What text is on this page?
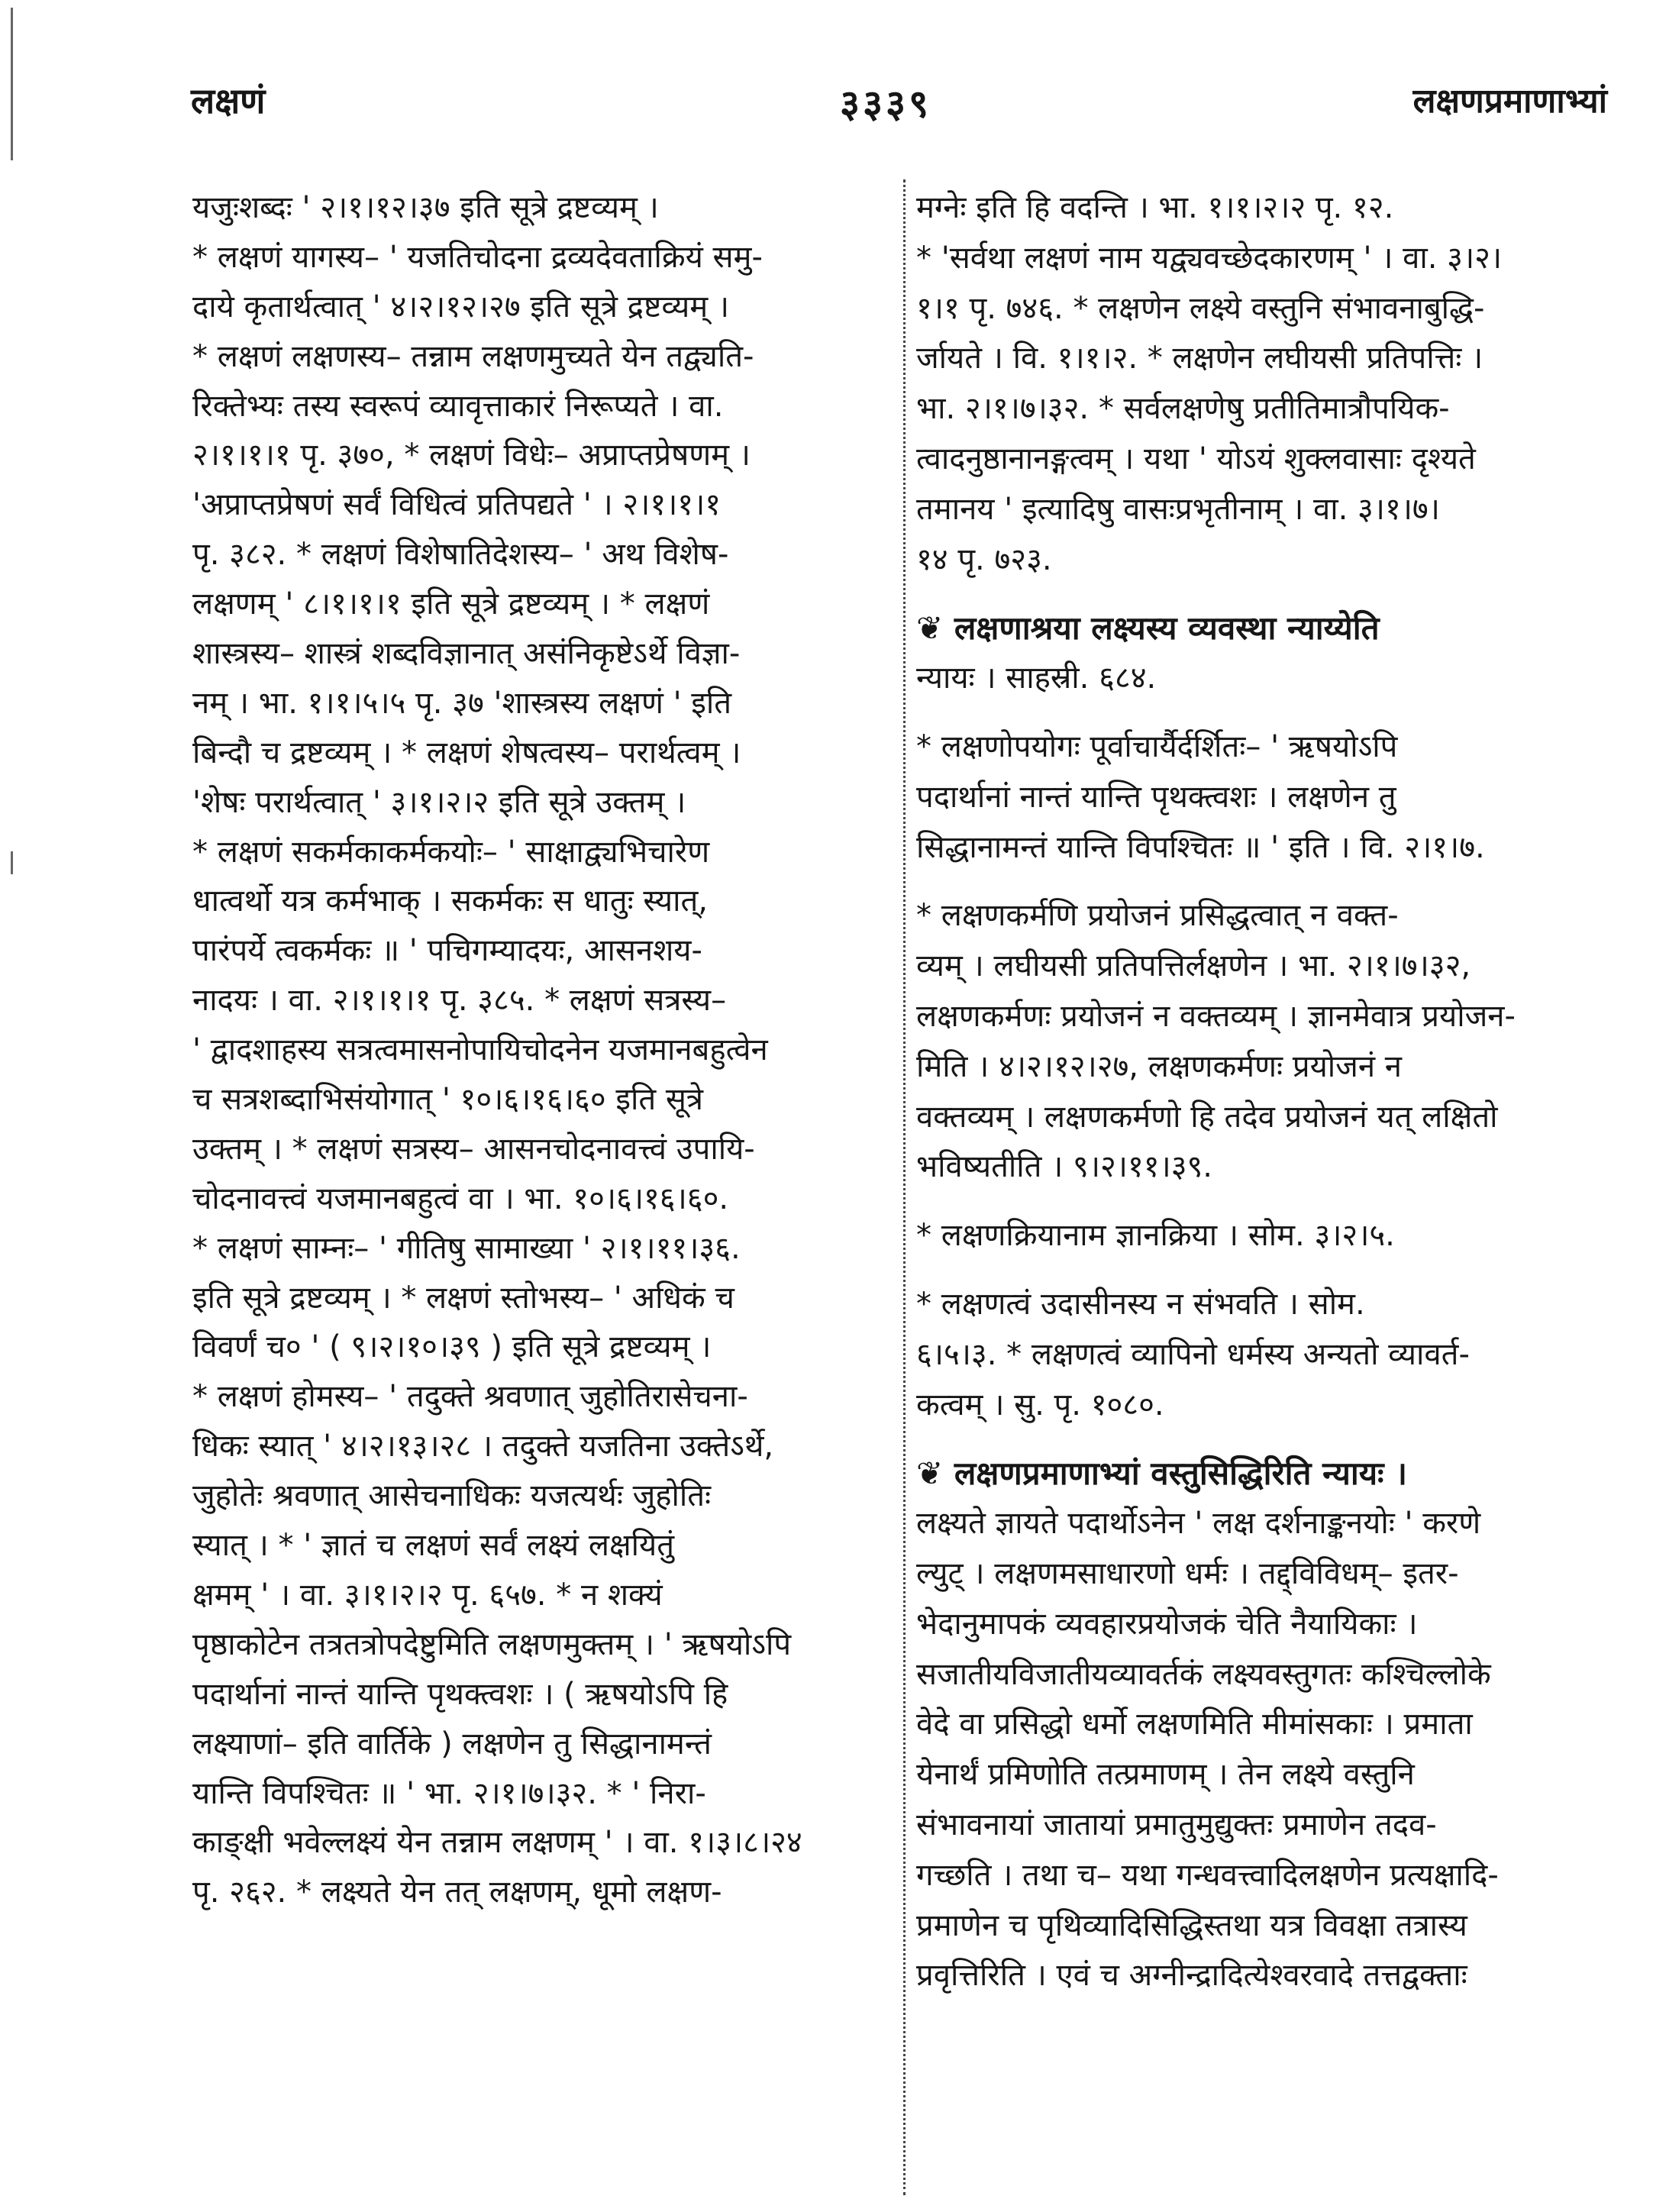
लक्षणं	३३३९	लक्षणप्रमाणाभ्यां
यजुःशब्दः ' २।१।१२।३७ इति सूत्रे द्रष्टव्यम् ।
* लक्षणं यागस्य– ' यजतिचोदना द्रव्यदेवताक्रियं समु-
दाये कृतार्थत्वात् ' ४।२।१२।२७ इति सूत्रे द्रष्टव्यम् ।
* लक्षणं लक्षणस्य– तन्नाम लक्षणमुच्यते येन तद्व्यति-
रिक्तेभ्यः तस्य स्वरूपं व्यावृत्ताकारं निरूप्यते । वा.
२।१।१।१ पृ. ३७०, * लक्षणं विधेः– अप्राप्तप्रेषणम् ।
'अप्राप्तप्रेषणं सर्वं विधित्वं प्रतिपद्यते ' । २।१।१।१
पृ. ३८२. * लक्षणं विशेषातिदेशस्य– ' अथ विशेष-
लक्षणम् ' ८।१।१।१ इति सूत्रे द्रष्टव्यम् । * लक्षणं
शास्त्रस्य– शास्त्रं शब्दविज्ञानात् असंनिकृष्टेऽर्थे विज्ञा-
नम् । भा. १।१।५।५ पृ. ३७ 'शास्त्रस्य लक्षणं ' इति
बिन्दौ च द्रष्टव्यम् । * लक्षणं शेषत्वस्य– परार्थत्वम् ।
'शेषः परार्थत्वात् ' ३।१।२।२ इति सूत्रे उक्तम् ।
* लक्षणं सकर्मकाकर्मकयोः– ' साक्षाद्व्यभिचारेण
धात्वर्थो यत्र कर्मभाक् । सकर्मकः स धातुः स्यात्,
पारंपर्ये त्वकर्मकः ॥ ' पचिगम्यादयः, आसनशय-
नादयः । वा. २।१।१।१ पृ. ३८५. * लक्षणं सत्रस्य–
' द्वादशाहस्य सत्रत्वमासनोपायिचोदनेन यजमानबहुत्वेन
च सत्रशब्दाभिसंयोगात् ' १०।६।१६।६० इति सूत्रे
उक्तम् । * लक्षणं सत्रस्य– आसनचोदनावत्त्वं उपायि-
चोदनावत्त्वं यजमानबहुत्वं वा । भा. १०।६।१६।६०.
* लक्षणं साम्नः– ' गीतिषु सामाख्या ' २।१।११।३६.
इति सूत्रे द्रष्टव्यम् । * लक्षणं स्तोभस्य– ' अधिकं च
विवर्णं च० ' ( ९।२।१०।३९ ) इति सूत्रे द्रष्टव्यम् ।
* लक्षणं होमस्य– ' तदुक्ते श्रवणात् जुहोतिरासेचना-
धिकः स्यात् ' ४।२।१३।२८ । तदुक्ते यजतिना उक्तेऽर्थे,
जुहोतेः श्रवणात् आसेचनाधिकः यजत्यर्थः जुहोतिः
स्यात् । * ' ज्ञातं च लक्षणं सर्वं लक्ष्यं लक्षयितुं
क्षमम् ' । वा. ३।१।२।२ पृ. ६५७. * न शक्यं
पृष्ठाकोटेन तत्रतत्रोपदेष्टुमिति लक्षणमुक्तम् । ' ऋषयोऽपि
पदार्थानां नान्तं यान्ति पृथक्त्वशः । ( ऋषयोऽपि हि
लक्ष्याणां– इति वार्तिके ) लक्षणेन तु सिद्धानामन्तं
यान्ति विपश्चितः ॥ ' भा. २।१।७।३२. * ' निरा-
काङ्क्षी भवेल्लक्ष्यं येन तन्नाम लक्षणम् ' । वा. १।३।८।२४
पृ. २६२. * लक्ष्यते येन तत् लक्षणम्, धूमो लक्षण-
मग्नेः इति हि वदन्ति । भा. १।१।२।२ पृ. १२.
* 'सर्वथा लक्षणं नाम यद्व्यवच्छेदकारणम् ' । वा. ३।२।
१।१ पृ. ७४६. * लक्षणेन लक्ष्ये वस्तुनि संभावनाबुद्धि-
र्जायते । वि. १।१।२. * लक्षणेन लघीयसी प्रतिपत्तिः ।
भा. २।१।७।३२. * सर्वलक्षणेषु प्रतीतिमात्रौपयिक-
त्वादनुष्ठानानङ्गत्वम् । यथा ' योऽयं शुक्लवासाः दृश्यते
तमानय ' इत्यादिषु वासःप्रभृतीनाम् । वा. ३।१।७।
१४ पृ. ७२३.
❦ लक्षणाश्रया लक्ष्यस्य व्यवस्था न्याय्येति
न्यायः । साहस्री. ६८४.
* लक्षणोपयोगः पूर्वाचार्यैर्दर्शितः– ' ऋषयोऽपि
पदार्थानां नान्तं यान्ति पृथक्त्वशः । लक्षणेन तु
सिद्धानामन्तं यान्ति विपश्चितः ॥ ' इति । वि. २।१।७.
* लक्षणकर्मणि प्रयोजनं प्रसिद्धत्वात् न वक्त-
व्यम् । लघीयसी प्रतिपत्तिर्लक्षणेन । भा. २।१।७।३२,
लक्षणकर्मणः प्रयोजनं न वक्तव्यम् । ज्ञानमेवात्र प्रयोजन-
मिति । ४।२।१२।२७, लक्षणकर्मणः प्रयोजनं न
वक्तव्यम् । लक्षणकर्मणो हि तदेव प्रयोजनं यत् लक्षितो
भविष्यतीति । ९।२।११।३९.
* लक्षणक्रियानाम ज्ञानक्रिया । सोम. ३।२।५.
* लक्षणत्वं उदासीनस्य न संभवति । सोम.
६।५।३. * लक्षणत्वं व्यापिनो धर्मस्य अन्यतो व्यावर्त-
कत्वम् । सु. पृ. १०८०.
❦ लक्षणप्रमाणाभ्यां वस्तुसिद्धिरिति न्यायः ।
लक्ष्यते ज्ञायते पदार्थोऽनेन ' लक्ष दर्शनाङ्कनयोः ' करणे
ल्युट् । लक्षणमसाधारणो धर्मः । तद्द्विविधम्– इतर-
भेदानुमापकं व्यवहारप्रयोजकं चेति नैयायिकाः ।
सजातीयविजातीयव्यावर्तकं लक्ष्यवस्तुगतः कश्चिल्लोके
वेदे वा प्रसिद्धो धर्मो लक्षणमिति मीमांसकाः । प्रमाता
येनार्थं प्रमिणोति तत्प्रमाणम् । तेन लक्ष्ये वस्तुनि
संभावनायां जातायां प्रमातुमुद्युक्तः प्रमाणेन तदव-
गच्छति । तथा च– यथा गन्धवत्त्वादिलक्षणेन प्रत्यक्षादि-
प्रमाणेन च पृथिव्यादिसिद्धिस्तथा यत्र विवक्षा तत्रास्य
प्रवृत्तिरिति । एवं च अग्नीन्द्रादित्येश्वरवादे तत्तद्वक्ताः
